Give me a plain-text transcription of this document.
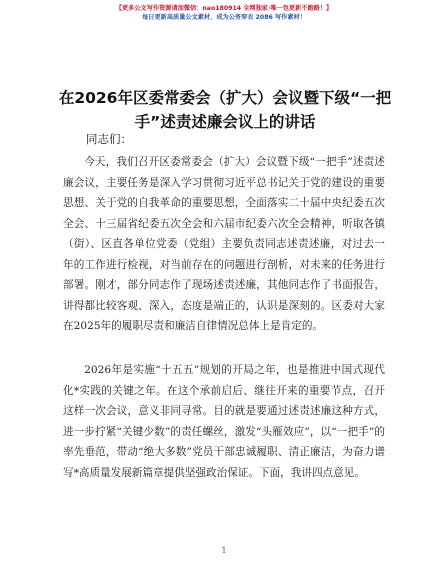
【更多公文写作资源请加微信：nao180914 全网独家·唯一包更新不跑路！】
每日更新高质量公文素材，成为公务穿衣 2086 写作素材！
在2026年区委常委会（扩大）会议暨下级“一把手”述责述廉会议上的讲话
同志们：

今天，我们召开区委常委会（扩大）会议暨下级“一把手”述责述廉会议，主要任务是深入学习贯彻习近平总书记关于党的建设的重要思想、关于党的自我革命的重要思想，全面落实二十届中央纪委五次全会、十三届省纪委五次全会和六届市纪委六次全会精神，听取各镇（街）、区直各单位党委（党组）主要负责同志述责述廉，对过去一年的工作进行检视，对当前存在的问题进行剖析，对未来的任务进行部署。刚才，部分同志作了现场述责述廉，其他同志作了书面报告，讲得都比较客观、深入，态度是端正的，认识是深刻的。区委对大家在2025年的履职尽责和廉洁自律情况总体上是肯定的。

2026年是实施“十五五”规划的开局之年，也是推进中国式现代化*实践的关键之年。在这个承前启后、继往开来的重要节点，召开这样一次会议，意义非同寻常。目的就是要通过述责述廉这种方式，进一步拧紧“关键少数”的责任螺丝，激发“头雁效应”，以“一把手”的率先垂范，带动“绝大多数”党员干部忠诚履职、清正廉洁，为奋力谱写*高质量发展新篇章提供坚强政治保证。下面，我讲四点意见。

1
